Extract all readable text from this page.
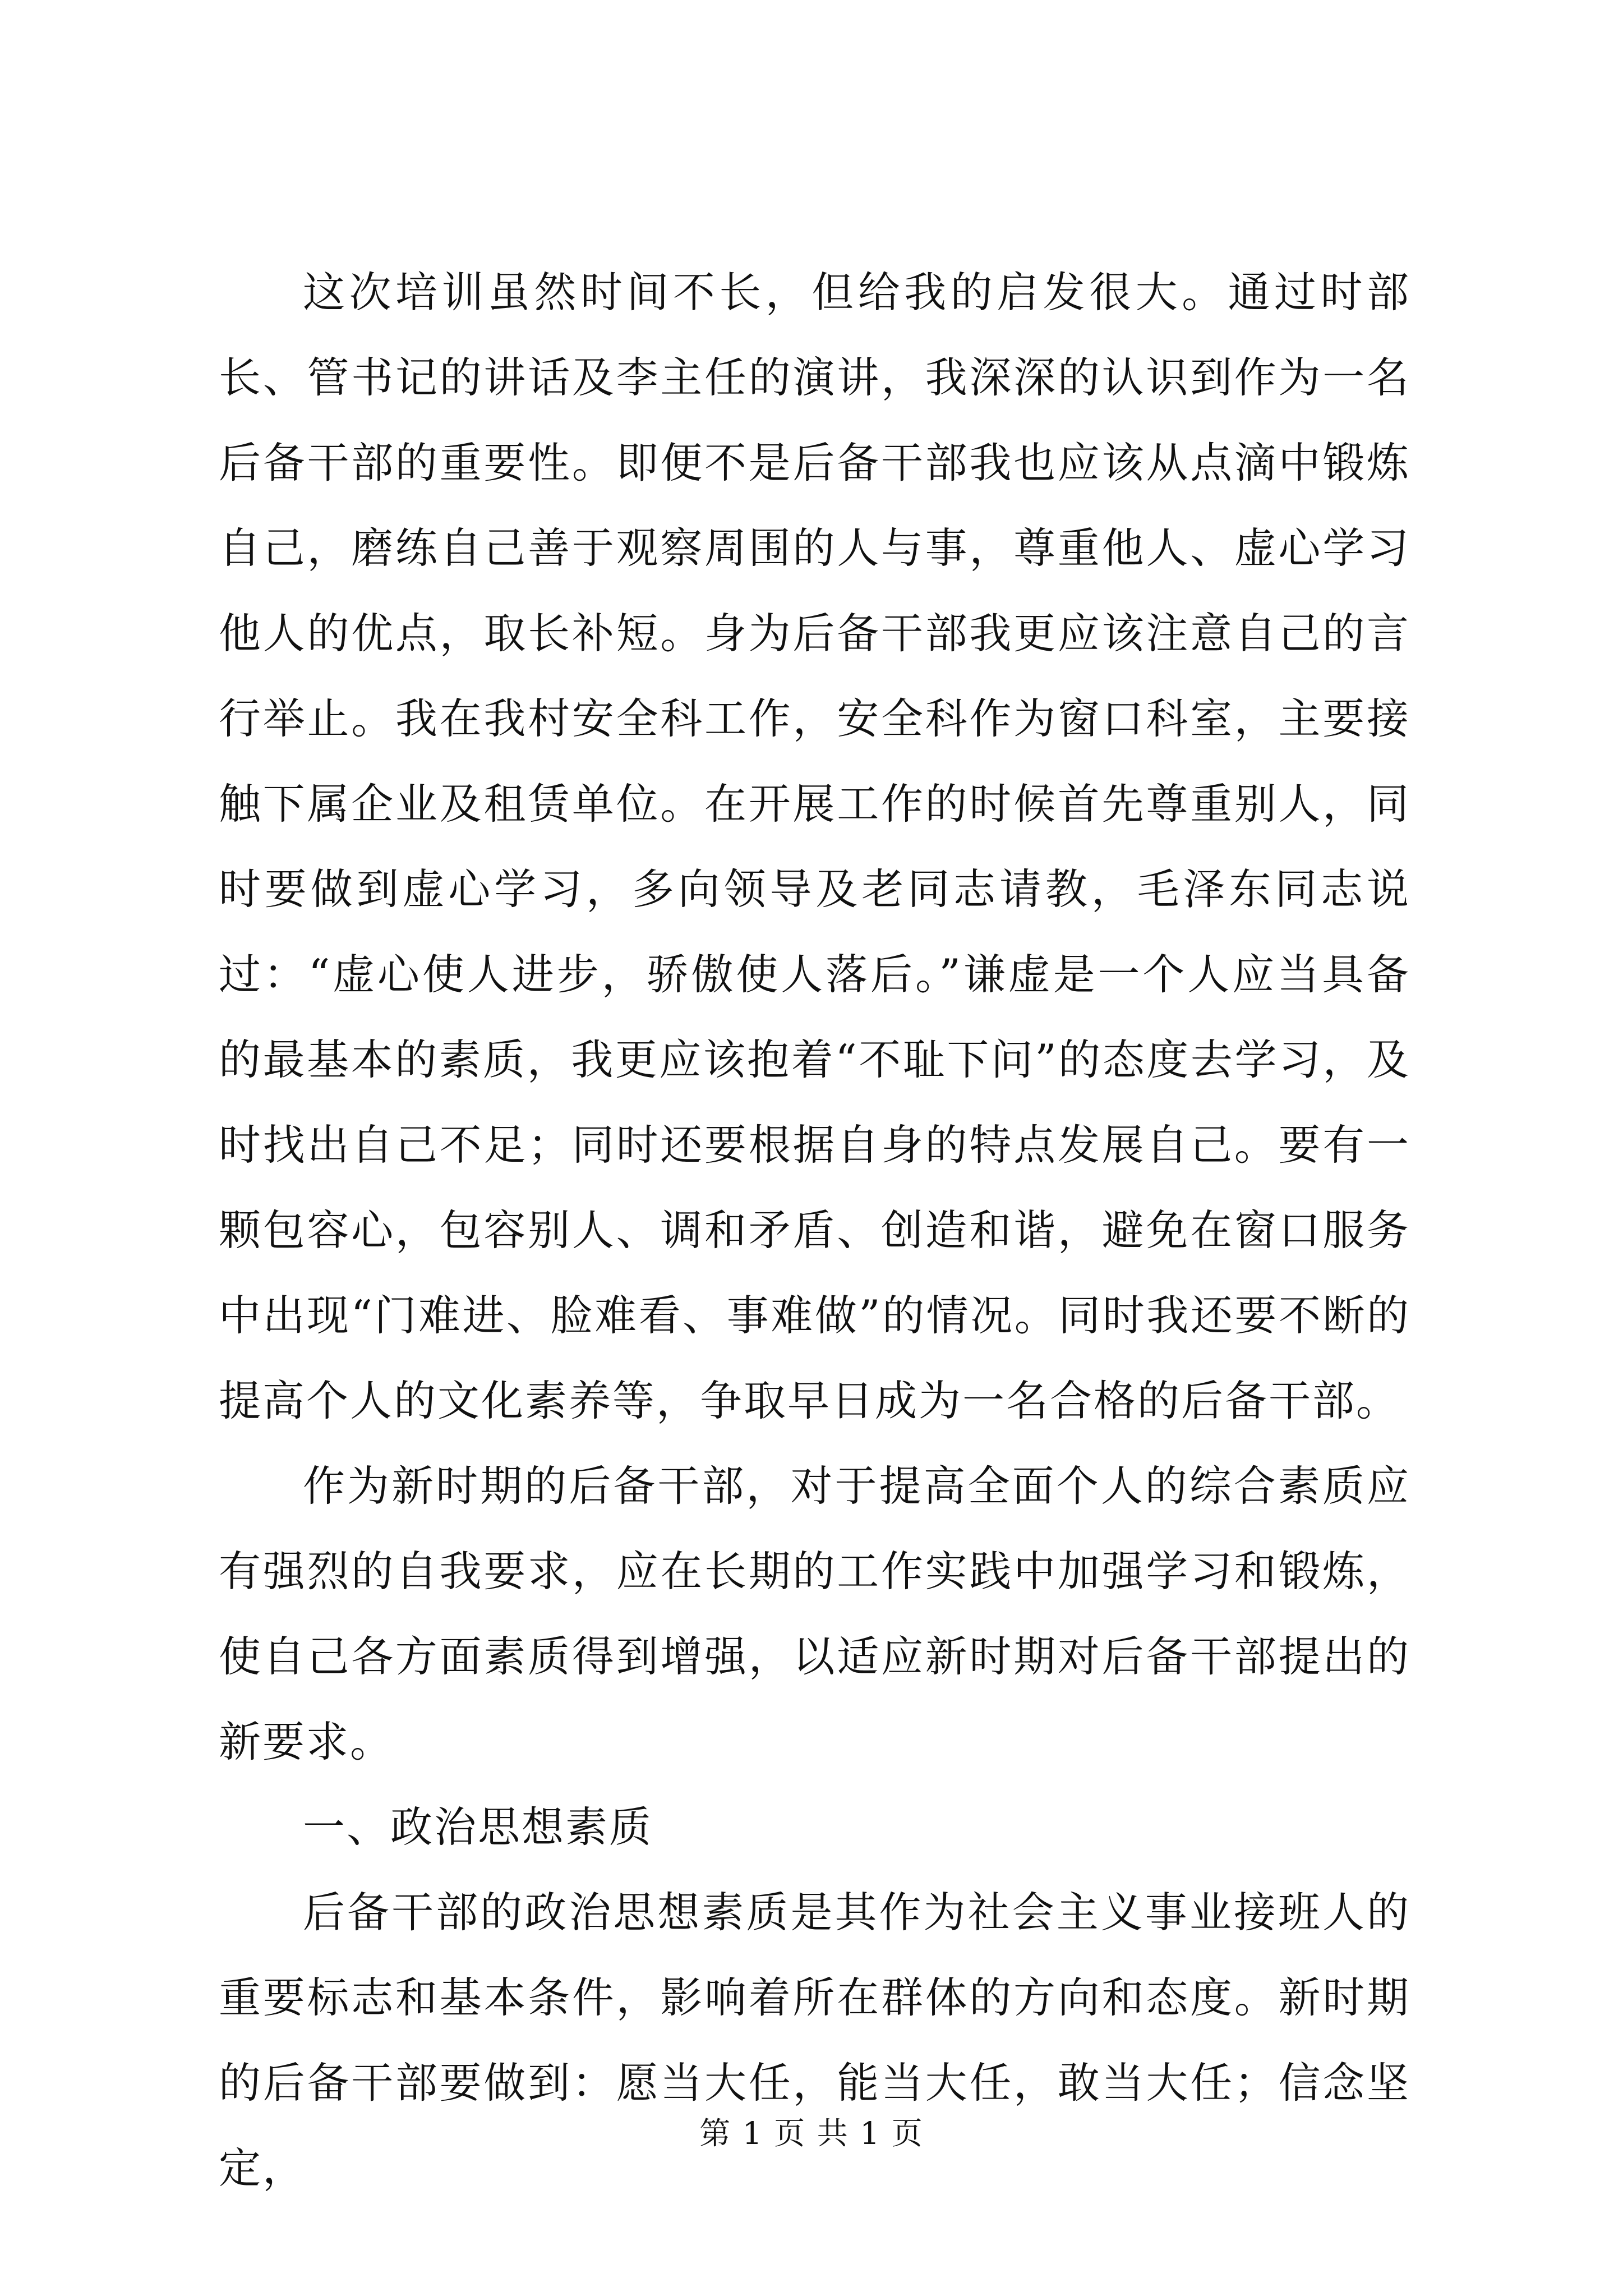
这次培训虽然时间不长，但给我的启发很大。通过时部长、管书记的讲话及李主任的演讲，我深深的认识到作为一名后备干部的重要性。即便不是后备干部我也应该从点滴中锻炼自己，磨练自己善于观察周围的人与事，尊重他人、虚心学习他人的优点，取长补短。身为后备干部我更应该注意自己的言行举止。我在我村安全科工作，安全科作为窗口科室，主要接触下属企业及租赁单位。在开展工作的时候首先尊重别人，同时要做到虚心学习，多向领导及老同志请教，毛泽东同志说过：“虚心使人进步，骄傲使人落后。”谦虚是一个人应当具备的最基本的素质，我更应该抱着“不耻下问”的态度去学习，及时找出自己不足；同时还要根据自身的特点发展自己。要有一颗包容心，包容别人、调和矛盾、创造和谐，避免在窗口服务中出现“门难进、脸难看、事难做”的情况。同时我还要不断的提高个人的文化素养等，争取早日成为一名合格的后备干部。

作为新时期的后备干部，对于提高全面个人的综合素质应有强烈的自我要求，应在长期的工作实践中加强学习和锻炼，使自己各方面素质得到增强，以适应新时期对后备干部提出的新要求。

一、政治思想素质

后备干部的政治思想素质是其作为社会主义事业接班人的重要标志和基本条件，影响着所在群体的方向和态度。新时期的后备干部要做到：愿当大任，能当大任，敢当大任；信念坚定，

第 1 页 共 1 页
